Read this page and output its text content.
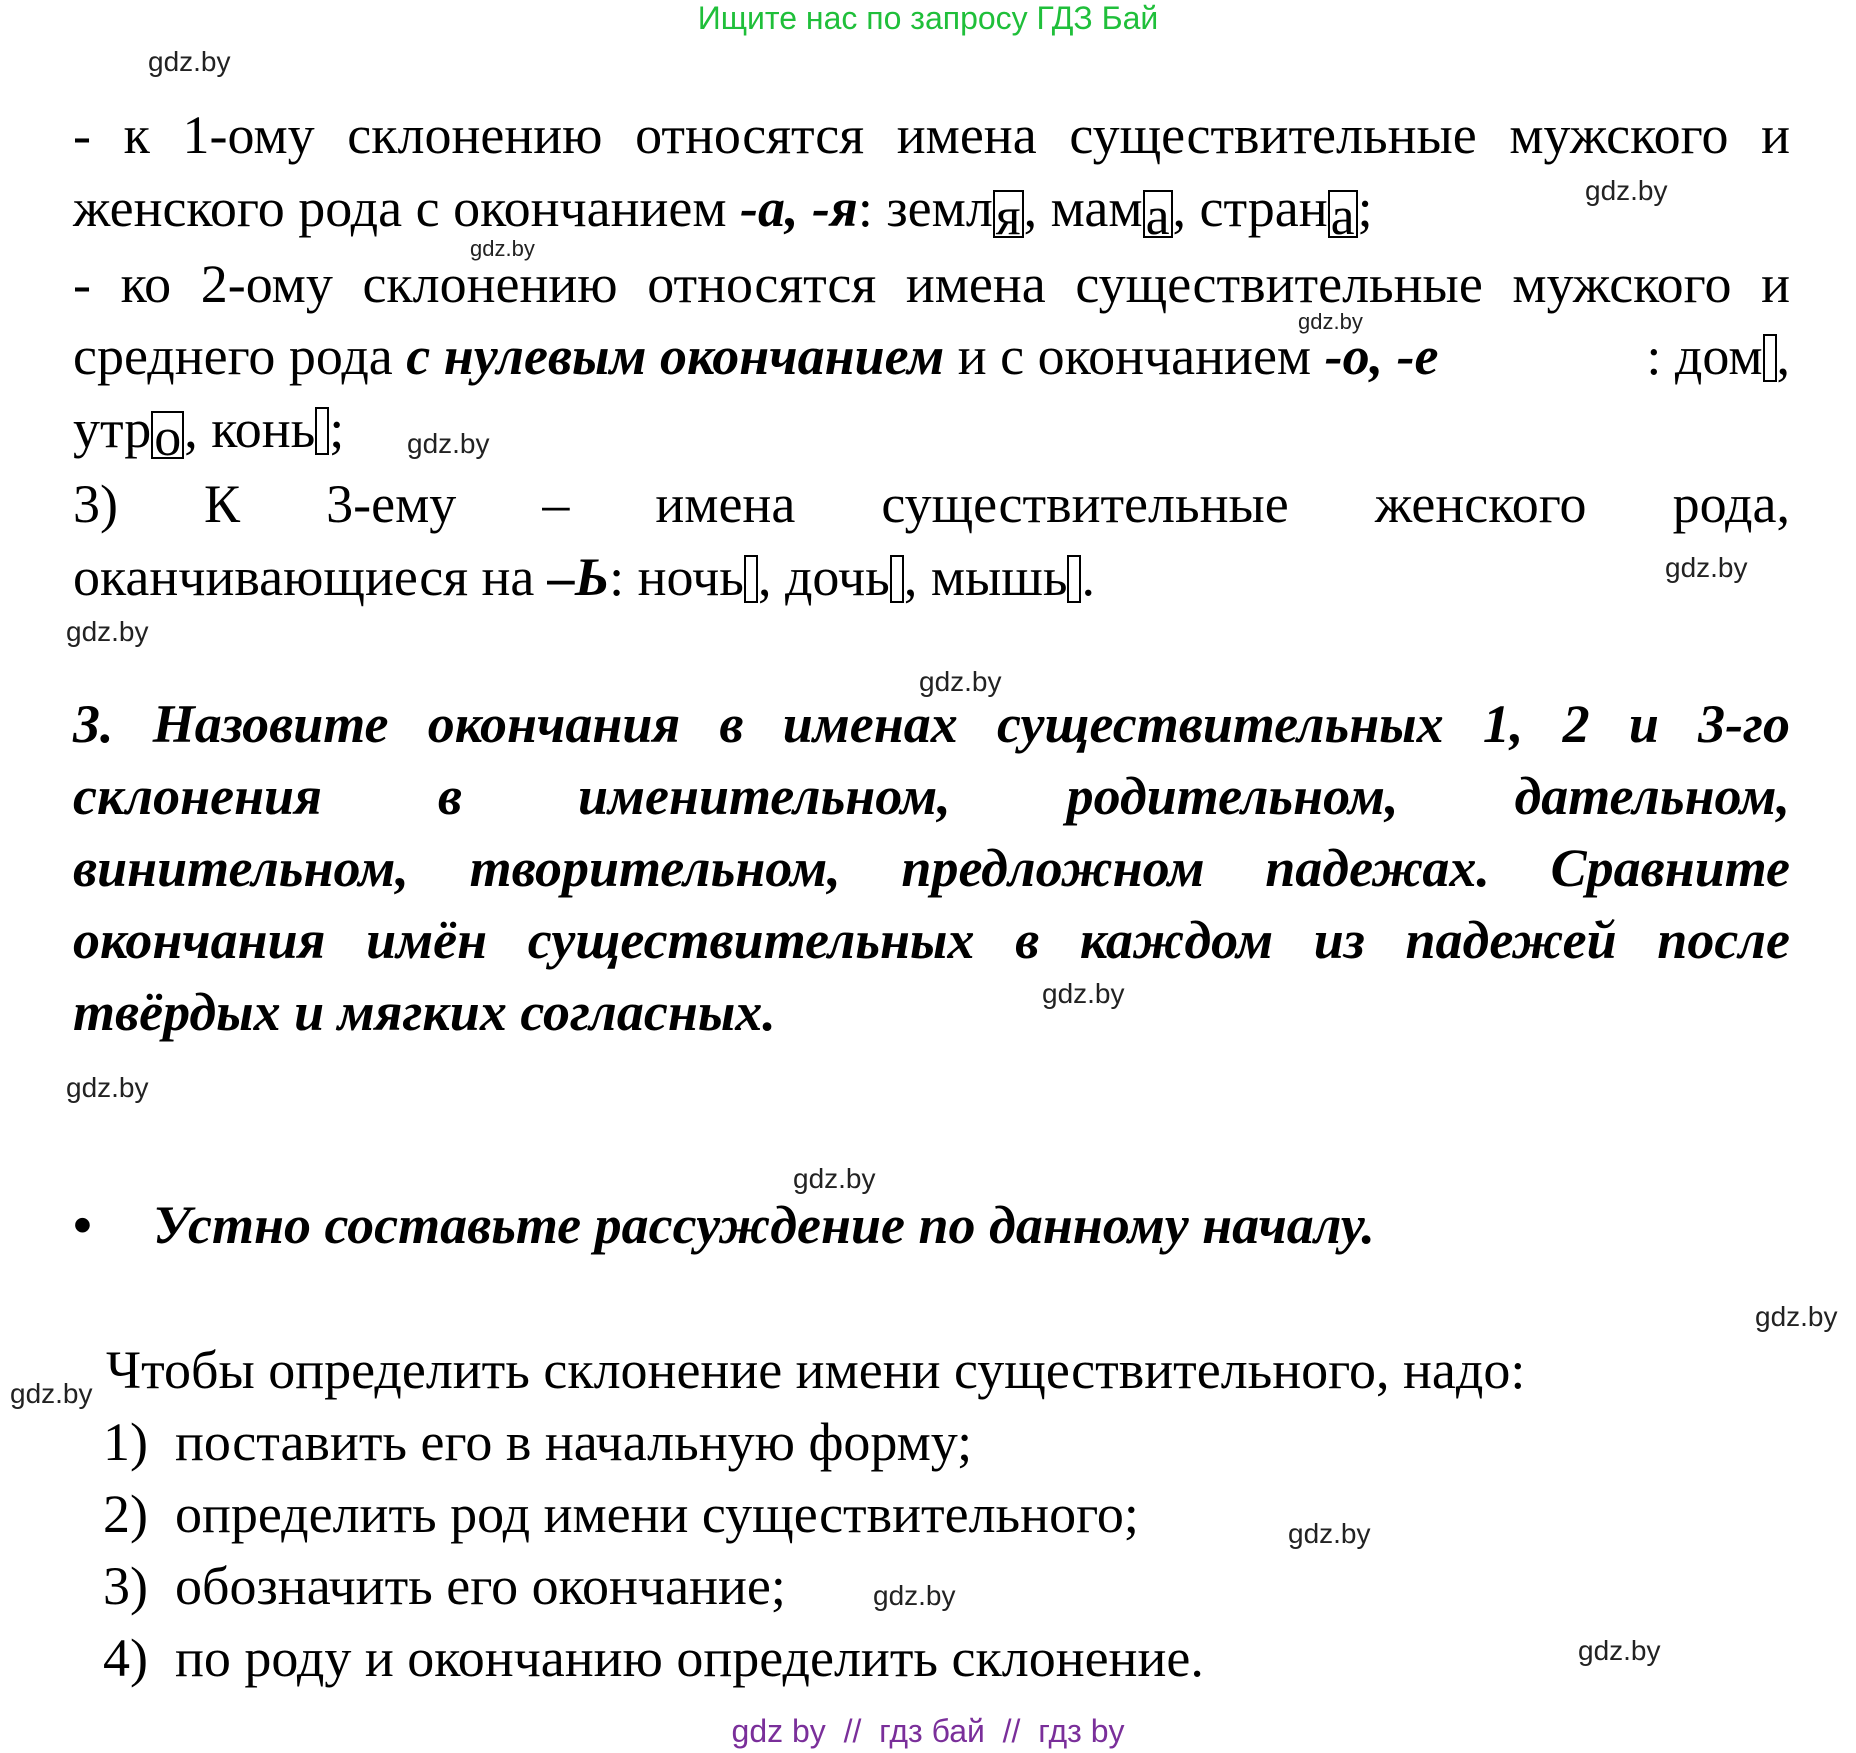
Ищите нас по запросу ГДЗ Бай
gdz.by
gdz.by
gdz.by
gdz.by
gdz.by
gdz.by
gdz.by
gdz.by
gdz.by
gdz.by
gdz.by
gdz.by
gdz.by
gdz.by
gdz.by
gdz.by
- к 1-ому склонению относятся имена существительные мужского и
женского рода с окончанием -а, -я: земля, мама, страна;
- ко 2-ому склонению относятся имена существительные мужского и
среднего рода с нулевым окончанием и с окончанием -о, -е	: дом ,
утро, конь ;
3)  К  3-ему  –  имена  существительные  женского  рода,
оканчивающиеся на –Ь: ночь , дочь , мышь .
3. Назовите окончания в именах существительных 1, 2 и 3-го
склонения в именительном, родительном, дательном,
винительном, творительном, предложном падежах. Сравните
окончания имён существительных в каждом из падежей после
твёрдых и мягких согласных.
• Устно составьте рассуждение по данному началу.
Чтобы определить склонение имени существительного, надо:
1) поставить его в начальную форму;
2) определить род имени существительного;
3) обозначить его окончание;
4) по роду и окончанию определить склонение.
gdz by  //  гдз бай  //  гдз by
